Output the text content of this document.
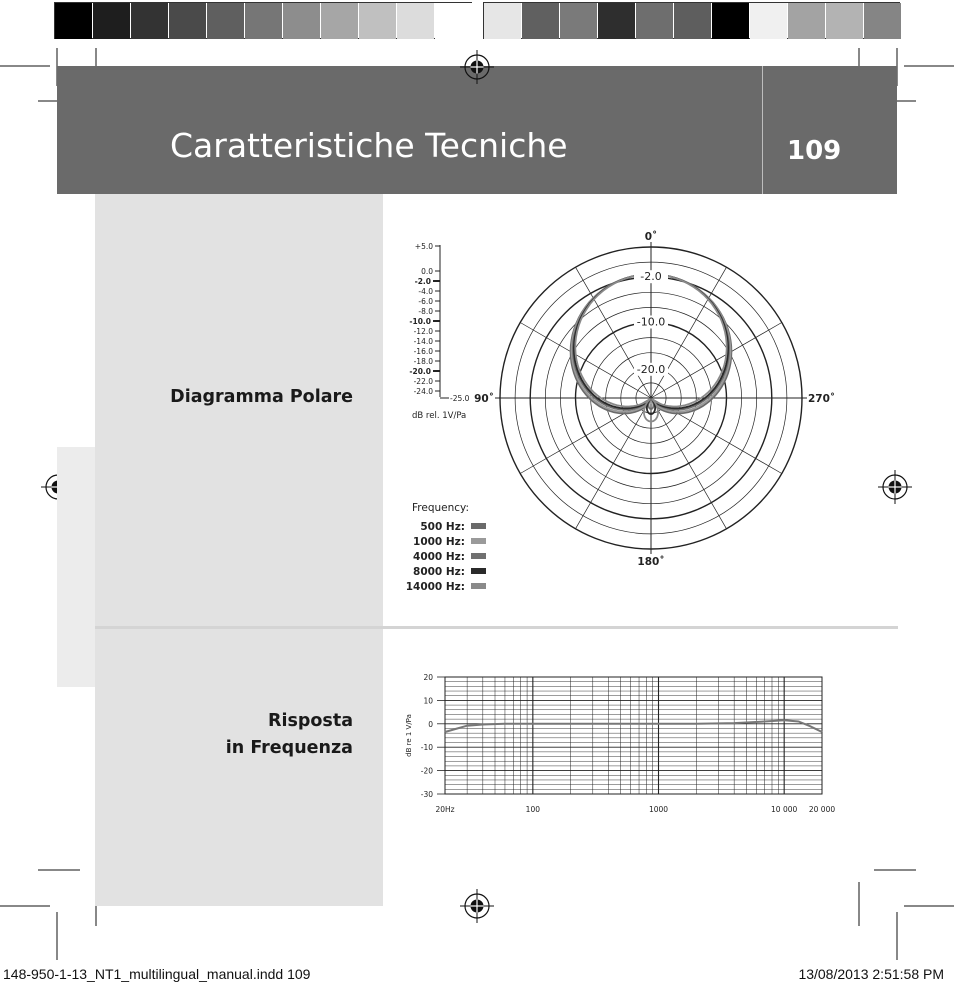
Caratteristiche Tecniche	109
Diagramma Polare
Risposta
in Frequenza
+5.0
0.0
-2.0
-4.0
-6.0
-8.0
-10.0
-12.0
-14.0
-16.0
-18.0
-20.0
-22.0
-24.0
-25.0
dB rel. 1V/Pa
-2.0
-10.0
-20.0
0˚
90˚
180˚
270˚
Frequency:
500 Hz:
1000 Hz:
4000 Hz:
8000 Hz:
14000 Hz:
20
10
0
-10
-20
-30
20Hz	100	1000	10 000 20 000
dB re 1 V/Pa
148-950-1-13_NT1_multilingual_manual.indd 109	13/08/2013 2:51:58 PM
